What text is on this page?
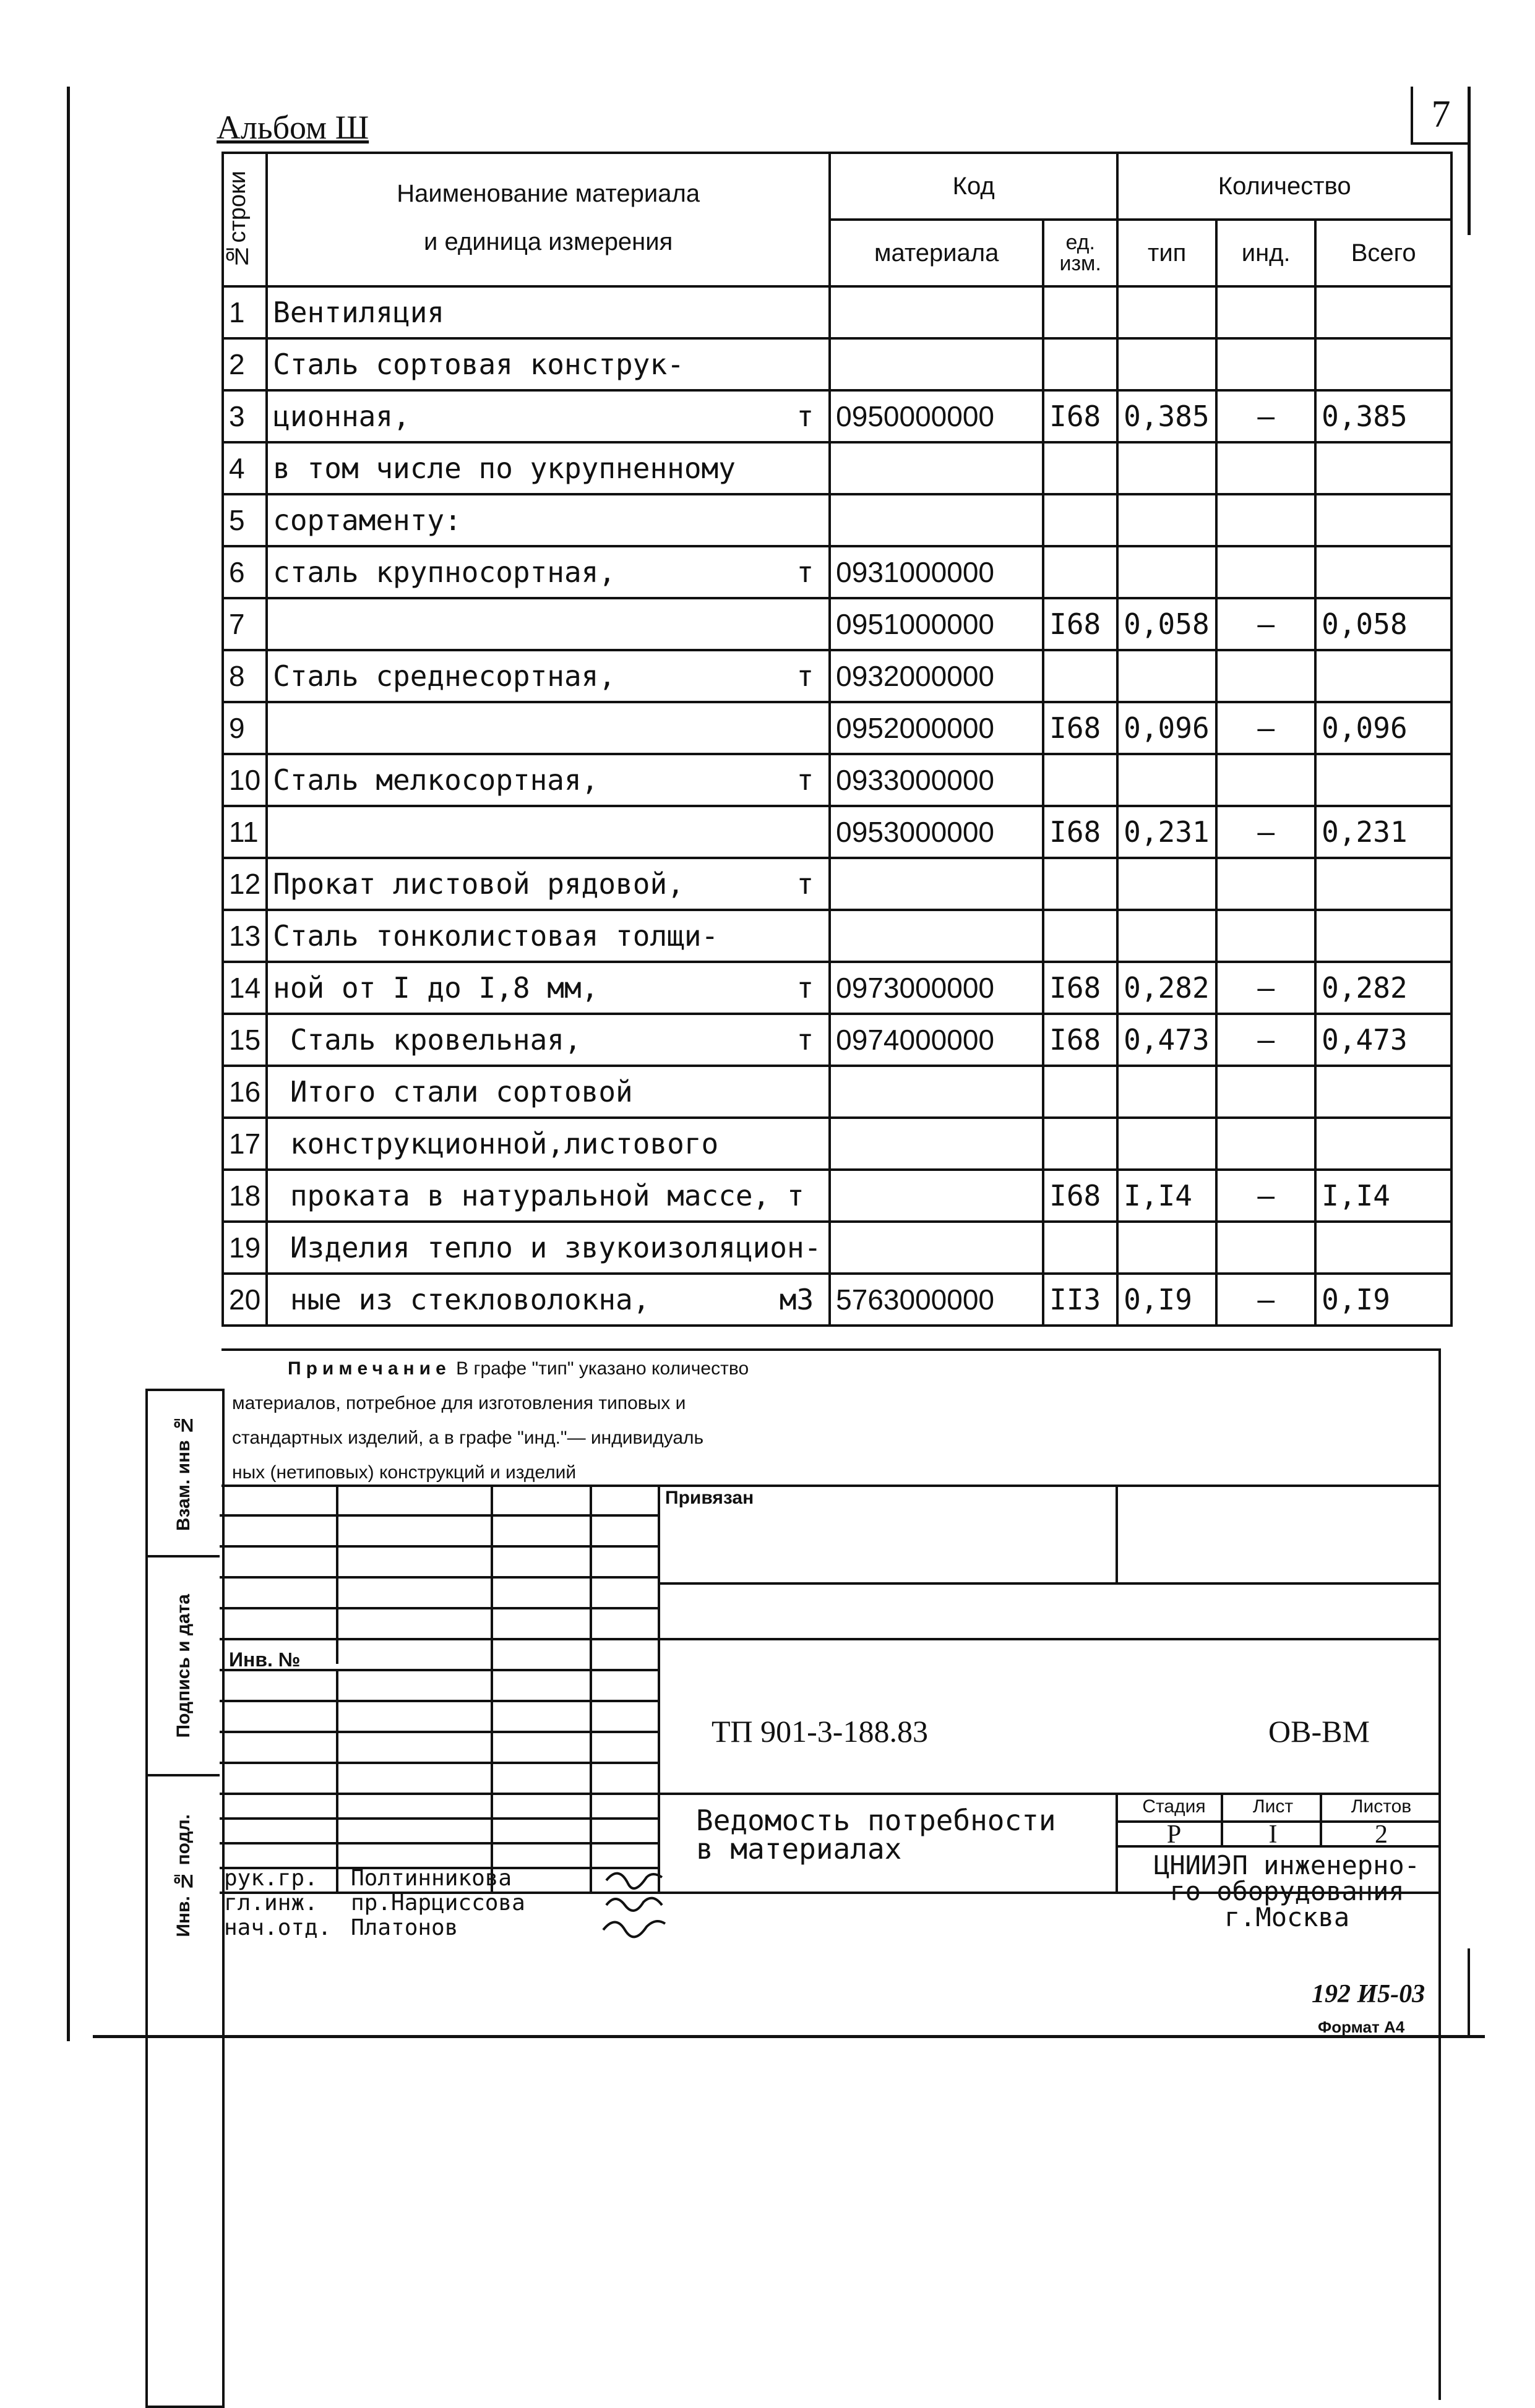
7
Альбом Ш
№строки	Наименование материала
и единица измерения	Код		Количество		
		материала	ед. изм.	тип	инд.	Всего
1	Вентиляция

2	Сталь сортовая конструк-

3	ционная, т	0950000000	I68	0,385	–	0,385
4	в том числе по укрупненному

5	сортаменту:

6	сталь крупносортная, т	0931000000				
7		0951000000	I68	0,058	–	0,058
8	Сталь среднесортная, т	0932000000				
9		0952000000	I68	0,096	–	0,096
10	Сталь мелкосортная, т	0933000000				
11		0953000000	I68	0,231	–	0,231
12	Прокат листовой рядовой, т					

13	Сталь тонколистовая толщи-

14	ной от I до I,8 мм, т	0973000000	I68	0,282	–	0,282
15	Сталь кровельная, т	0974000000	I68	0,473	–	0,473
16	Итого стали сортовой

17	конструкционной,листового

18	проката в натуральной массе, т		I68	I,I4	–	I,I4
19	Изделия тепло и звукоизоляцион-

20	ные из стекловолокна, м3	5763000000	II3	0,I9	–	0,I9
Примечание В графе "тип" указано количество
материалов, потребное для изготовления типовых и
стандартных изделий, а в графе "инд."— индивидуаль
ных (нетиповых) конструкций и изделий
Взам. инв №
Подпись и дата
Инв. № подл.
Привязан
Инв. №
ТП 901-3-188.83	ОВ-ВМ
Ведомость потребности
в материалах
Стадия	Лист	Листов
Р	I	2
ЦНИИЭП инженерно-
го оборудования
г.Москва
рук.гр. Полтинникова
гл.инж. пр.Нарциссова
нач.отд. Платонов
192 И5-03
Формат А4
